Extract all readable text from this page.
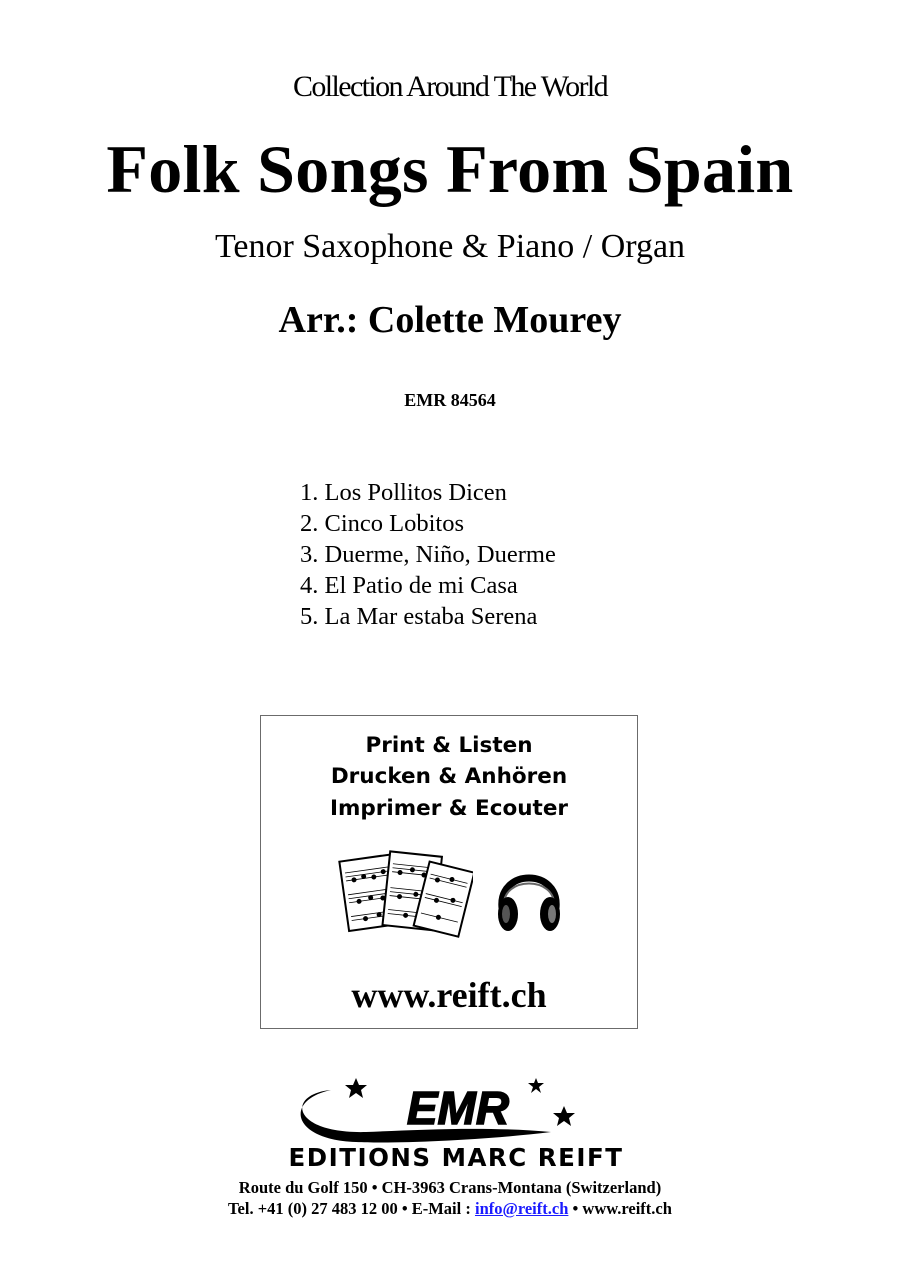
Collection Around The World
Folk Songs From Spain
Tenor Saxophone & Piano / Organ
Arr.: Colette Mourey
EMR 84564
1. Los Pollitos Dicen
2. Cinco Lobitos
3. Duerme, Niño, Duerme
4. El Patio de mi Casa
5. La Mar estaba Serena
Print & Listen
Drucken & Anhören
Imprimer & Ecouter
www.reift.ch
EMR
EDITIONS MARC REIFT
Route du Golf 150 • CH-3963 Crans-Montana (Switzerland)
Tel. +41 (0) 27 483 12 00 • E-Mail : info@reift.ch • www.reift.ch
